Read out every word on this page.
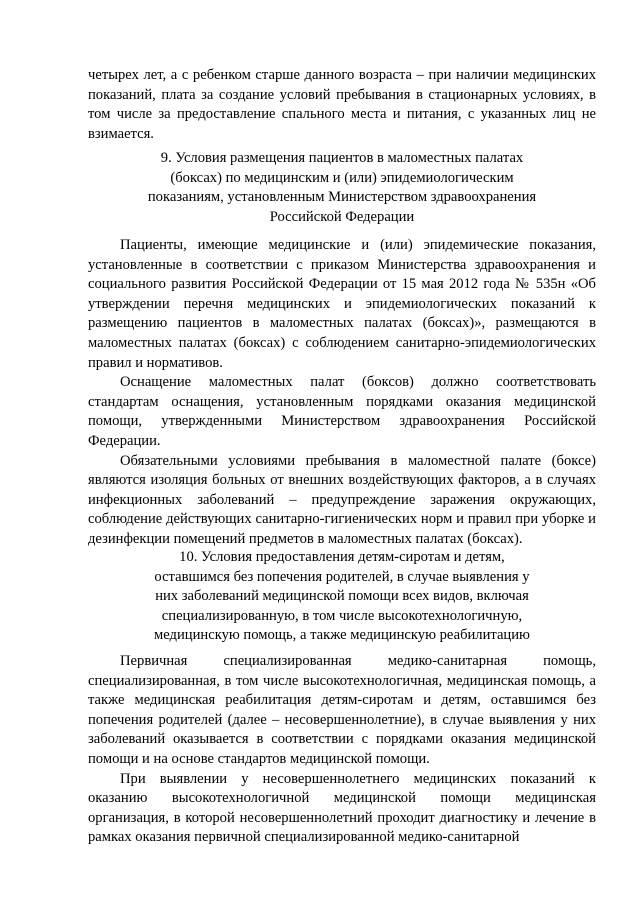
четырех лет, а с ребенком старше данного возраста – при наличии медицинских показаний, плата за создание условий пребывания в стационарных условиях, в том числе за предоставление спального места и питания, с указанных лиц не взимается.

9. Условия размещения пациентов в маломестных палатах (боксах) по медицинским и (или) эпидемиологическим показаниям, установленным Министерством здравоохранения Российской Федерации

Пациенты, имеющие медицинские и (или) эпидемические показания, установленные в соответствии с приказом Министерства здравоохранения и социального развития Российской Федерации от 15 мая 2012 года № 535н «Об утверждении перечня медицинских и эпидемиологических показаний к размещению пациентов в маломестных палатах (боксах)», размещаются в маломестных палатах (боксах) с соблюдением санитарно-эпидемиологических правил и нормативов.

Оснащение маломестных палат (боксов) должно соответствовать стандартам оснащения, установленным порядками оказания медицинской помощи, утвержденными Министерством здравоохранения Российской Федерации.

Обязательными условиями пребывания в маломестной палате (боксе) являются изоляция больных от внешних воздействующих факторов, а в случаях инфекционных заболеваний – предупреждение заражения окружающих, соблюдение действующих санитарно-гигиенических норм и правил при уборке и дезинфекции помещений предметов в маломестных палатах (боксах).

10. Условия предоставления детям-сиротам и детям, оставшимся без попечения родителей, в случае выявления у них заболеваний медицинской помощи всех видов, включая специализированную, в том числе высокотехнологичную, медицинскую помощь, а также медицинскую реабилитацию

Первичная специализированная медико-санитарная помощь, специализированная, в том числе высокотехнологичная, медицинская помощь, а также медицинская реабилитация детям-сиротам и детям, оставшимся без попечения родителей (далее – несовершеннолетние), в случае выявления у них заболеваний оказывается в соответствии с порядками оказания медицинской помощи и на основе стандартов медицинской помощи.

При выявлении у несовершеннолетнего медицинских показаний к оказанию высокотехнологичной медицинской помощи медицинская организация, в которой несовершеннолетний проходит диагностику и лечение в рамках оказания первичной специализированной медико-санитарной
